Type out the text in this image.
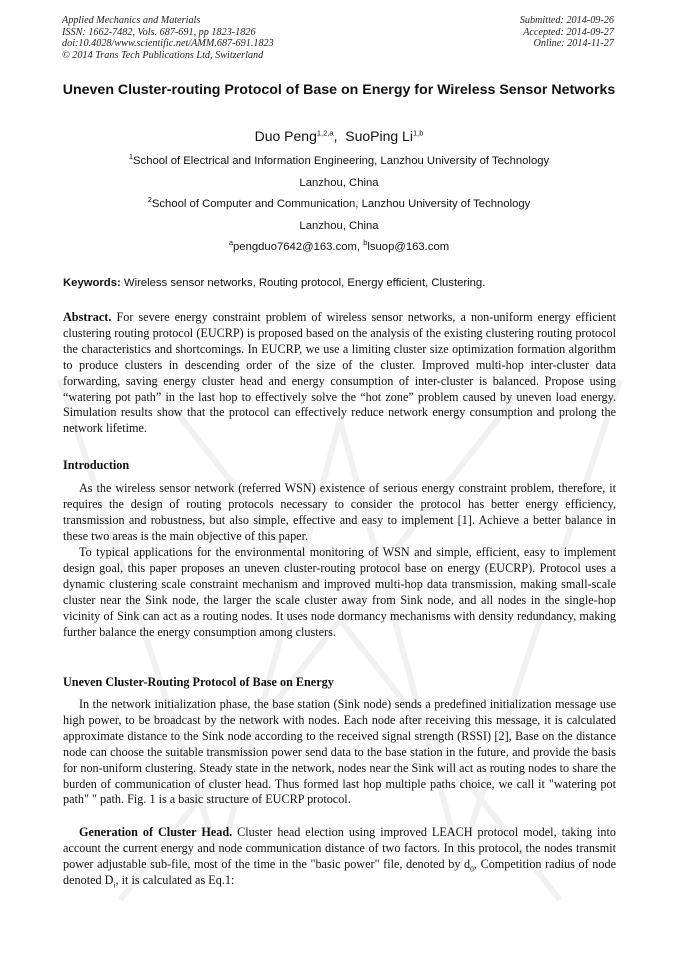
Applied Mechanics and Materials
ISSN: 1662-7482, Vols. 687-691, pp 1823-1826
doi:10.4028/www.scientific.net/AMM.687-691.1823
© 2014 Trans Tech Publications Ltd, Switzerland
Submitted: 2014-09-26
Accepted: 2014-09-27
Online: 2014-11-27
Uneven Cluster-routing Protocol of Base on Energy for Wireless Sensor Networks
Duo Peng$^{1,2,a}$,  SuoPing Li$^{1,b}$
$^1$School of Electrical and Information Engineering, Lanzhou University of Technology
Lanzhou, China
$^2$School of Computer and Communication, Lanzhou University of Technology
Lanzhou, China
$^a$pengduo7642@163.com, $^b$lsuop@163.com
Keywords: Wireless sensor networks, Routing protocol, Energy efficient, Clustering.

Abstract. For severe energy constraint problem of wireless sensor networks, a non-uniform energy efficient clustering routing protocol (EUCRP) is proposed based on the analysis of the existing clustering routing protocol the characteristics and shortcomings. In EUCRP, we use a limiting cluster size optimization formation algorithm to produce clusters in descending order of the size of the cluster. Improved multi-hop inter-cluster data forwarding, saving energy cluster head and energy consumption of inter-cluster is balanced. Propose using “watering pot path” in the last hop to effectively solve the “hot zone” problem caused by uneven load energy. Simulation results show that the protocol can effectively reduce network energy consumption and prolong the network lifetime.

Introduction

As the wireless sensor network (referred WSN) existence of serious energy constraint problem, therefore, it requires the design of routing protocols necessary to consider the protocol has better energy efficiency, transmission and robustness, but also simple, effective and easy to implement [1]. Achieve a better balance in these two areas is the main objective of this paper.

To typical applications for the environmental monitoring of WSN and simple, efficient, easy to implement design goal, this paper proposes an uneven cluster-routing protocol base on energy (EUCRP). Protocol uses a dynamic clustering scale constraint mechanism and improved multi-hop data transmission, making small-scale cluster near the Sink node, the larger the scale cluster away from Sink node, and all nodes in the single-hop vicinity of Sink can act as a routing nodes. It uses node dormancy mechanisms with density redundancy, making further balance the energy consumption among clusters.

Uneven Cluster-Routing Protocol of Base on Energy

In the network initialization phase, the base station (Sink node) sends a predefined initialization message use high power, to be broadcast by the network with nodes. Each node after receiving this message, it is calculated approximate distance to the Sink node according to the received signal strength (RSSI) [2], Base on the distance node can choose the suitable transmission power send data to the base station in the future, and provide the basis for non-uniform clustering. Steady state in the network, nodes near the Sink will act as routing nodes to share the burden of communication of cluster head. Thus formed last hop multiple paths choice, we call it "watering pot path" " path. Fig. 1 is a basic structure of EUCRP protocol.

Generation of Cluster Head. Cluster head election using improved LEACH protocol model, taking into account the current energy and node communication distance of two factors. In this protocol, the nodes transmit power adjustable sub-file, most of the time in the "basic power" file, denoted by $d_0$, Competition radius of node denoted $D_i$, it is calculated as Eq.1:
